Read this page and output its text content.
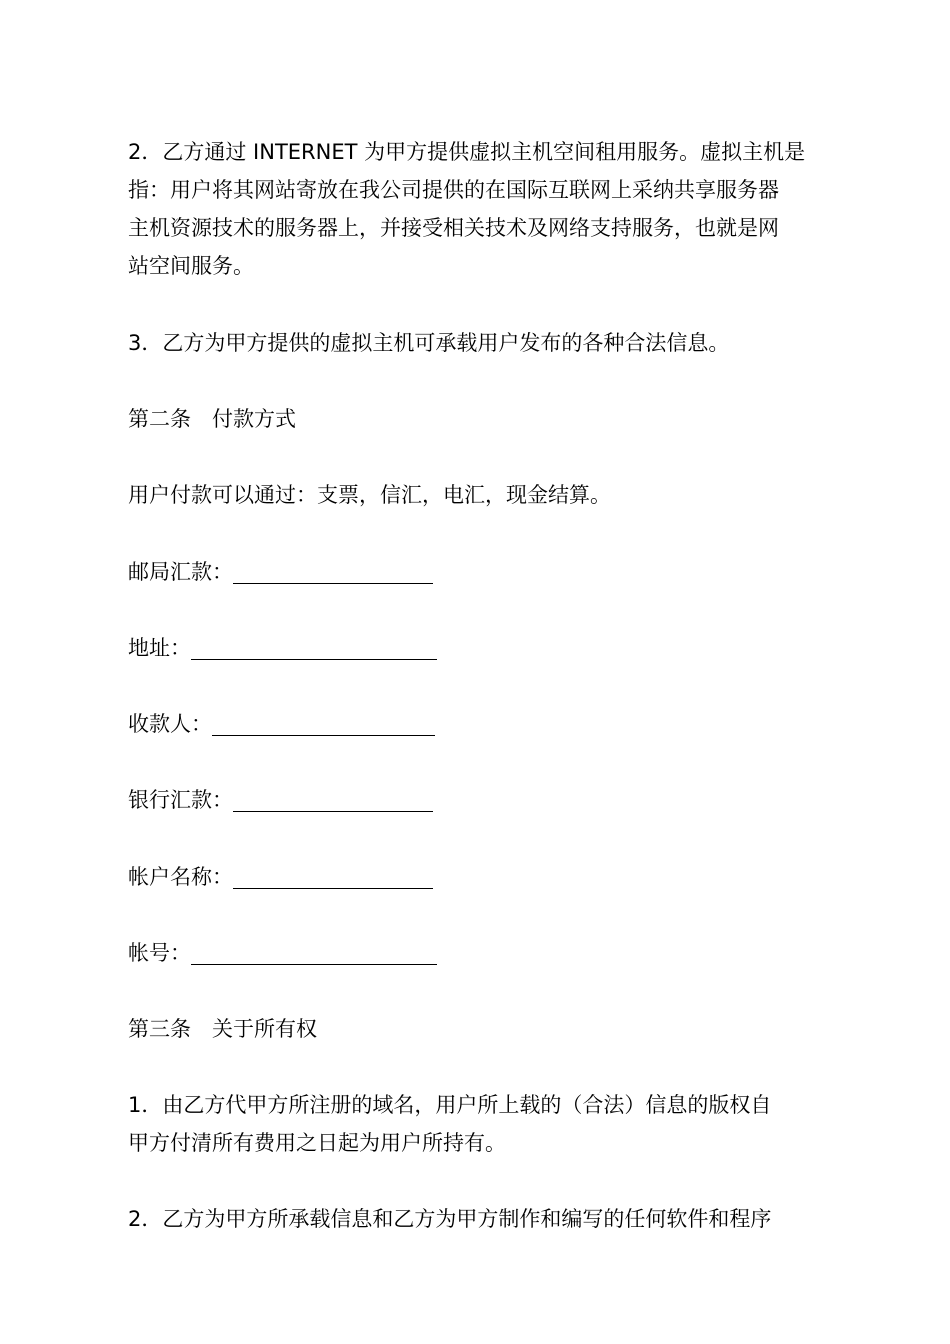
2．乙方通过 INTERNET 为甲方提供虚拟主机空间租用服务。虚拟主机是
指：用户将其网站寄放在我公司提供的在国际互联网上采纳共享服务器
主机资源技术的服务器上，并接受相关技术及网络支持服务，也就是网
站空间服务。
3．乙方为甲方提供的虚拟主机可承载用户发布的各种合法信息。
第二条　付款方式
用户付款可以通过：支票，信汇，电汇，现金结算。
邮局汇款：
地址：
收款人：
银行汇款：
帐户名称：
帐号：
第三条　关于所有权
1．由乙方代甲方所注册的域名，用户所上载的（合法）信息的版权自
甲方付清所有费用之日起为用户所持有。
2．乙方为甲方所承载信息和乙方为甲方制作和编写的任何软件和程序
